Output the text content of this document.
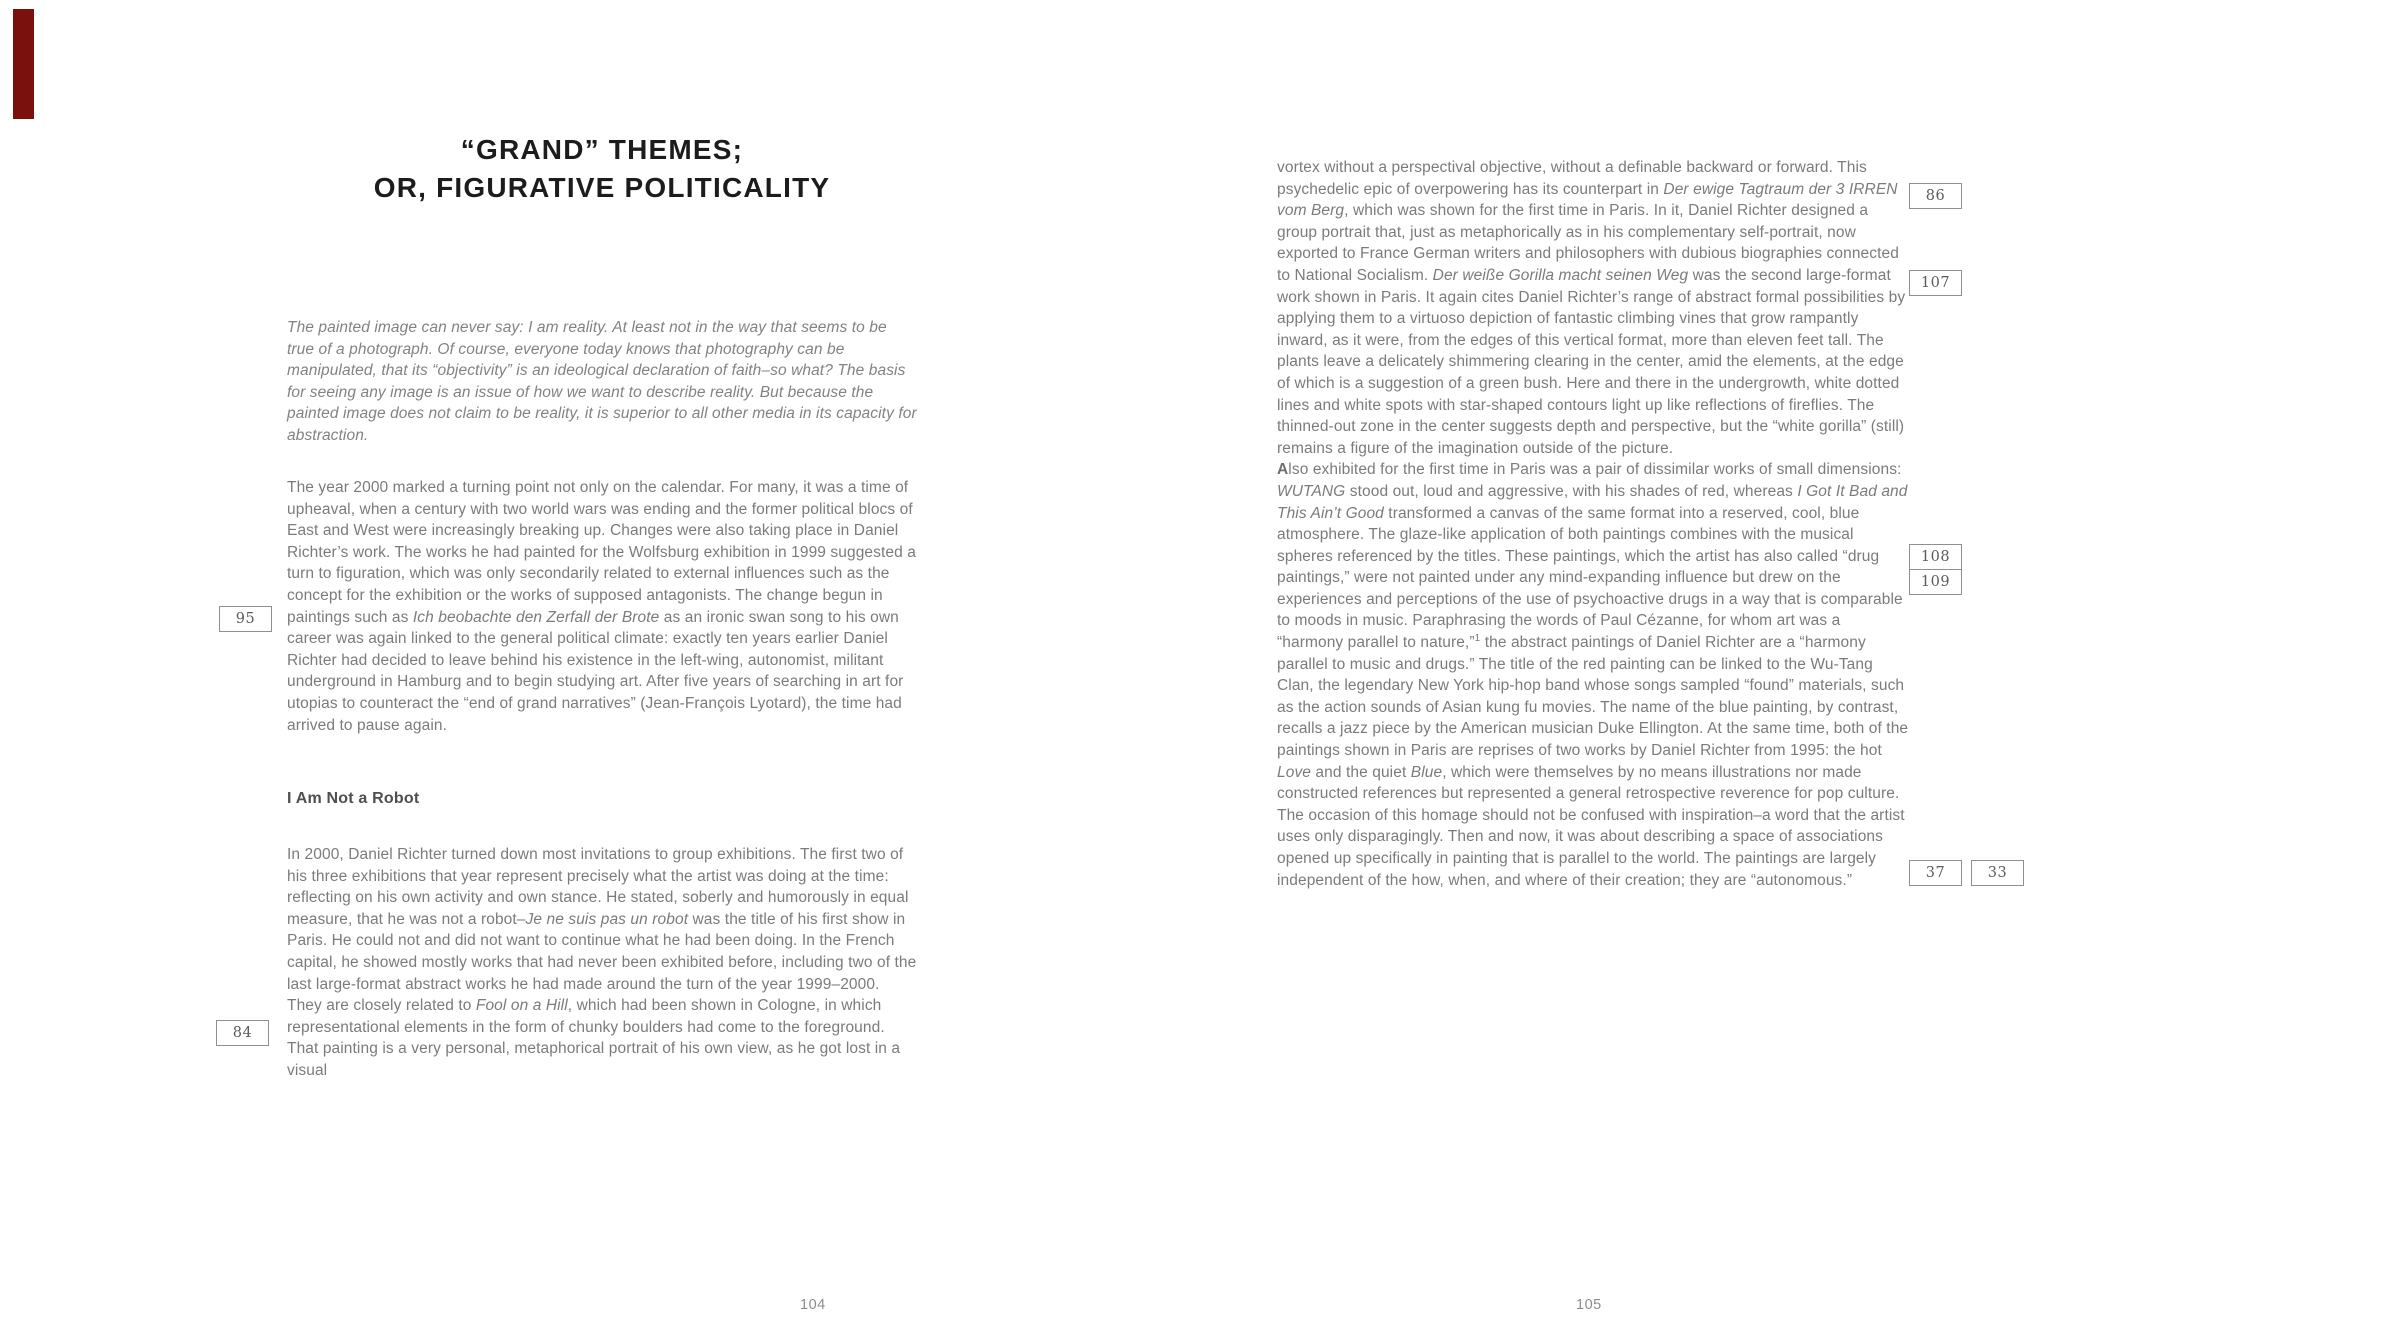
“GRAND” THEMES;
OR, FIGURATIVE POLITICALITY
The painted image can never say: I am reality. At least not in the way that seems to be true of a photograph. Of course, everyone today knows that photography can be manipulated, that its “objectivity” is an ideological declaration of faith–so what? The basis for seeing any image is an issue of how we want to describe reality. But because the painted image does not claim to be reality, it is superior to all other media in its capacity for abstraction.
The year 2000 marked a turning point not only on the calendar. For many, it was a time of upheaval, when a century with two world wars was ending and the former political blocs of East and West were increasingly breaking up. Changes were also taking place in Daniel Richter’s work. The works he had painted for the Wolfsburg exhibition in 1999 suggested a turn to figuration, which was only secondarily related to external influences such as the concept for the exhibition or the works of supposed antagonists. The change begun in paintings such as Ich beobachte den Zerfall der Brote as an ironic swan song to his own career was again linked to the general political climate: exactly ten years earlier Daniel Richter had decided to leave behind his existence in the left-wing, autonomist, militant underground in Hamburg and to begin studying art. After five years of searching in art for utopias to counteract the “end of grand narratives” (Jean-François Lyotard), the time had arrived to pause again.
I Am Not a Robot
In 2000, Daniel Richter turned down most invitations to group exhibitions. The first two of his three exhibitions that year represent precisely what the artist was doing at the time: reflecting on his own activity and own stance. He stated, soberly and humorously in equal measure, that he was not a robot–Je ne suis pas un robot was the title of his first show in Paris. He could not and did not want to continue what he had been doing. In the French capital, he showed mostly works that had never been exhibited before, including two of the last large-format abstract works he had made around the turn of the year 1999–2000. They are closely related to Fool on a Hill, which had been shown in Cologne, in which representational elements in the form of chunky boulders had come to the foreground. That painting is a very personal, metaphorical portrait of his own view, as he got lost in a visual
95
84
104

vortex without a perspectival objective, without a definable backward or forward. This psychedelic epic of overpowering has its counterpart in Der ewige Tagtraum der 3 IRREN vom Berg, which was shown for the first time in Paris. In it, Daniel Richter designed a group portrait that, just as metaphorically as in his complementary self-portrait, now exported to France German writers and philosophers with dubious biographies connected to National Socialism. Der weiße Gorilla macht seinen Weg was the second large-format work shown in Paris. It again cites Daniel Richter’s range of abstract formal possibilities by applying them to a virtuoso depiction of fantastic climbing vines that grow rampantly inward, as it were, from the edges of this vertical format, more than eleven feet tall. The plants leave a delicately shimmering clearing in the center, amid the elements, at the edge of which is a suggestion of a green bush. Here and there in the undergrowth, white dotted lines and white spots with star-shaped contours light up like reflections of fireflies. The thinned-out zone in the center suggests depth and perspective, but the “white gorilla” (still) remains a figure of the imagination outside of the picture.

Also exhibited for the first time in Paris was a pair of dissimilar works of small dimensions: WUTANG stood out, loud and aggressive, with his shades of red, whereas I Got It Bad and This Ain’t Good transformed a canvas of the same format into a reserved, cool, blue atmosphere. The glaze-like application of both paintings combines with the musical spheres referenced by the titles. These paintings, which the artist has also called “drug paintings,” were not painted under any mind-expanding influence but drew on the experiences and perceptions of the use of psychoactive drugs in a way that is comparable to moods in music. Paraphrasing the words of Paul Cézanne, for whom art was a “harmony parallel to nature,”$^1$ the abstract paintings of Daniel Richter are a “harmony parallel to music and drugs.” The title of the red painting can be linked to the Wu-Tang Clan, the legendary New York hip-hop band whose songs sampled “found” materials, such as the action sounds of Asian kung fu movies. The name of the blue painting, by contrast, recalls a jazz piece by the American musician Duke Ellington. At the same time, both of the paintings shown in Paris are reprises of two works by Daniel Richter from 1995: the hot Love and the quiet Blue, which were themselves by no means illustrations nor made constructed references but represented a general retrospective reverence for pop culture. The occasion of this homage should not be confused with inspiration–a word that the artist uses only disparagingly. Then and now, it was about describing a space of associations opened up specifically in painting that is parallel to the world. The paintings are largely independent of the how, when, and where of their creation; they are “autonomous.”

86
107
108
109
37	33
105
